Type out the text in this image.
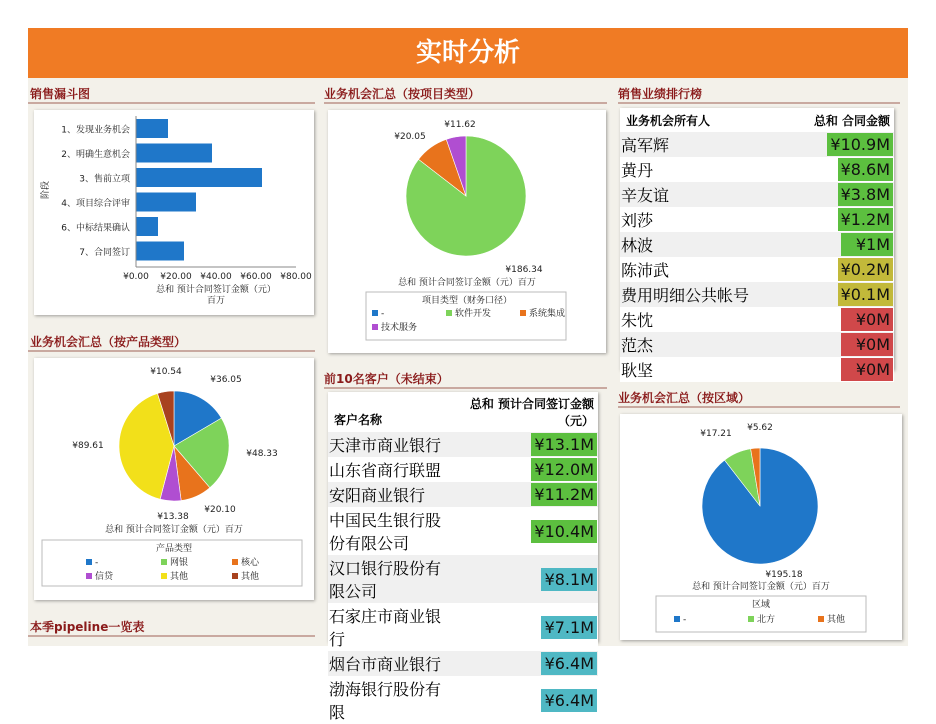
实时分析
销售漏斗图	业务机会汇总（按项目类型）	销售业绩排行榜
业务机会汇总（按产品类型）
前10名客户（未结束）
业务机会汇总（按区域）
本季pipeline一览表
1、发现业务机会
2、明确生意机会
3、售前立项
4、项目综合评审
6、中标结果确认
7、合同签订
¥0.00 ¥20.00 ¥40.00 ¥60.00 ¥80.00
总和 预计合同签订金额（元）
百万
阶段
¥11.62
¥20.05
¥186.34
总和 预计合同签订金额（元）百万
项目类型（财务口径）
-	软件开发	系统集成
技术服务
¥10.54
¥36.05
¥48.33
¥20.10
¥13.38
¥89.61
总和 预计合同签订金额（元）百万
产品类型
-	网银	核心
信贷	其他	其他
¥17.21
¥5.62
¥195.18
总和 预计合同签订金额（元）百万
区域
-	北方	其他
业务机会所有人	总和 合同金额
高军辉	¥10.9M
黄丹	¥8.6M
辛友谊	¥3.8M
刘莎	¥1.2M
林波	¥1M
陈沛武	¥0.2M
费用明细公共帐号	¥0.1M
朱忱	¥0M
范杰	¥0M
耿坚	¥0M
客户名称	总和 预计合同签订金额（元）
天津市商业银行	¥13.1M
山东省商行联盟	¥12.0M
安阳商业银行	¥11.2M
中国民生银行股份有限公司	¥10.4M
汉口银行股份有限公司	¥8.1M
石家庄市商业银行	¥7.1M
烟台市商业银行	¥6.4M
渤海银行股份有限	¥6.4M
